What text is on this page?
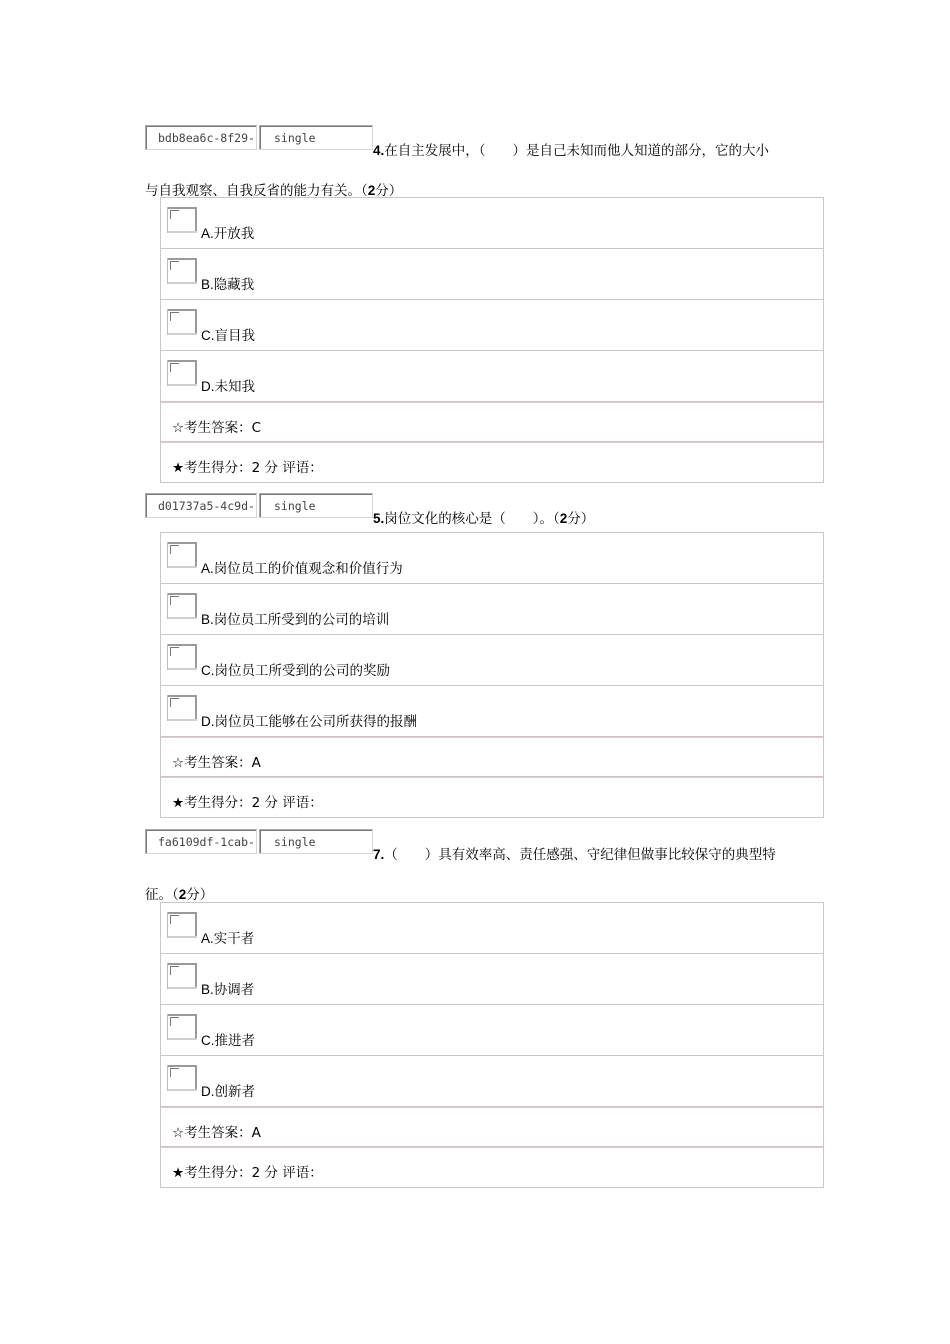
bdb8ea6c-8f29-	single
4.在自主发展中，（　　）是自己未知而他人知道的部分，它的大小
与自我观察、自我反省的能力有关。（2分）
A.开放我
B.隐藏我
C.盲目我
D.未知我
☆考生答案：C
★考生得分：2 分 评语：
d01737a5-4c9d-	single
5.岗位文化的核心是（　　）。（2分）
A.岗位员工的价值观念和价值行为
B.岗位员工所受到的公司的培训
C.岗位员工所受到的公司的奖励
D.岗位员工能够在公司所获得的报酬
☆考生答案：A
★考生得分：2 分 评语：
fa6109df-1cab-	single
7.（　　）具有效率高、责任感强、守纪律但做事比较保守的典型特
征。（2分）
A.实干者
B.协调者
C.推进者
D.创新者
☆考生答案：A
★考生得分：2 分 评语：
